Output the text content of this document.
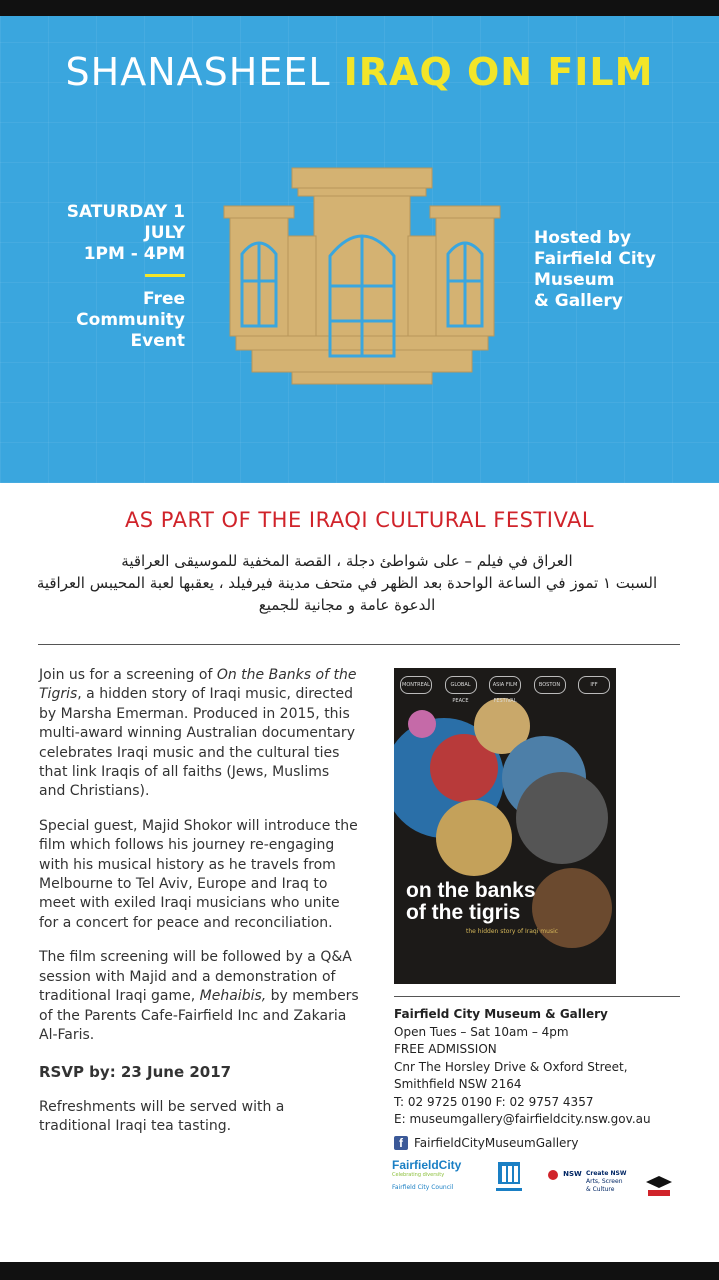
SHANASHEEL IRAQ ON FILM
SATURDAY 1
JULY
1PM - 4PM
Free
Community
Event
Hosted by
Fairfield City
Museum
& Gallery
AS PART OF THE IRAQI CULTURAL FESTIVAL
العراق في فيلم – على شواطئ دجلة ، القصة المخفية للموسيقى العراقية
السبت ١ تموز في الساعة الواحدة بعد الظهر في متحف مدينة فيرفيلد ، يعقبها لعبة المحيبس العراقية
الدعوة عامة و مجانية للجميع

Join us for a screening of On the Banks of the Tigris, a hidden story of Iraqi music, directed by Marsha Emerman. Produced in 2015, this multi-award winning Australian documentary celebrates Iraqi music and the cultural ties that link Iraqis of all faiths (Jews, Muslims and Christians).

Special guest, Majid Shokor will introduce the film which follows his journey re-engaging with his musical history as he travels from Melbourne to Tel Aviv, Europe and Iraq to meet with exiled Iraqi musicians who unite for a concert for peace and reconciliation.

The film screening will be followed by a Q&A session with Majid and a demonstration of traditional Iraqi game, Mehaibis, by members of the Parents Cafe-Fairfield Inc and Zakaria Al-Faris.

RSVP by: 23 June 2017

Refreshments will be served with a traditional Iraqi tea tasting.

MONTREAL	GLOBAL PEACE
ASIA FILM FESTIVAL
BOSTON	IFF
on the banks
of the tigris
the hidden story of Iraqi music
Fairfield City Museum & Gallery
Open Tues – Sat 10am – 4pm
FREE ADMISSION
Cnr The Horsley Drive & Oxford Street,
Smithfield NSW 2164
T: 02 9725 0190 F: 02 9757 4357
E: museumgallery@fairfieldcity.nsw.gov.au
f FairfieldCityMuseumGallery
FairfieldCity
Celebrating diversity
Fairfield City Council
$^{NSW}$ Create NSW
Arts, Screen & Culture
